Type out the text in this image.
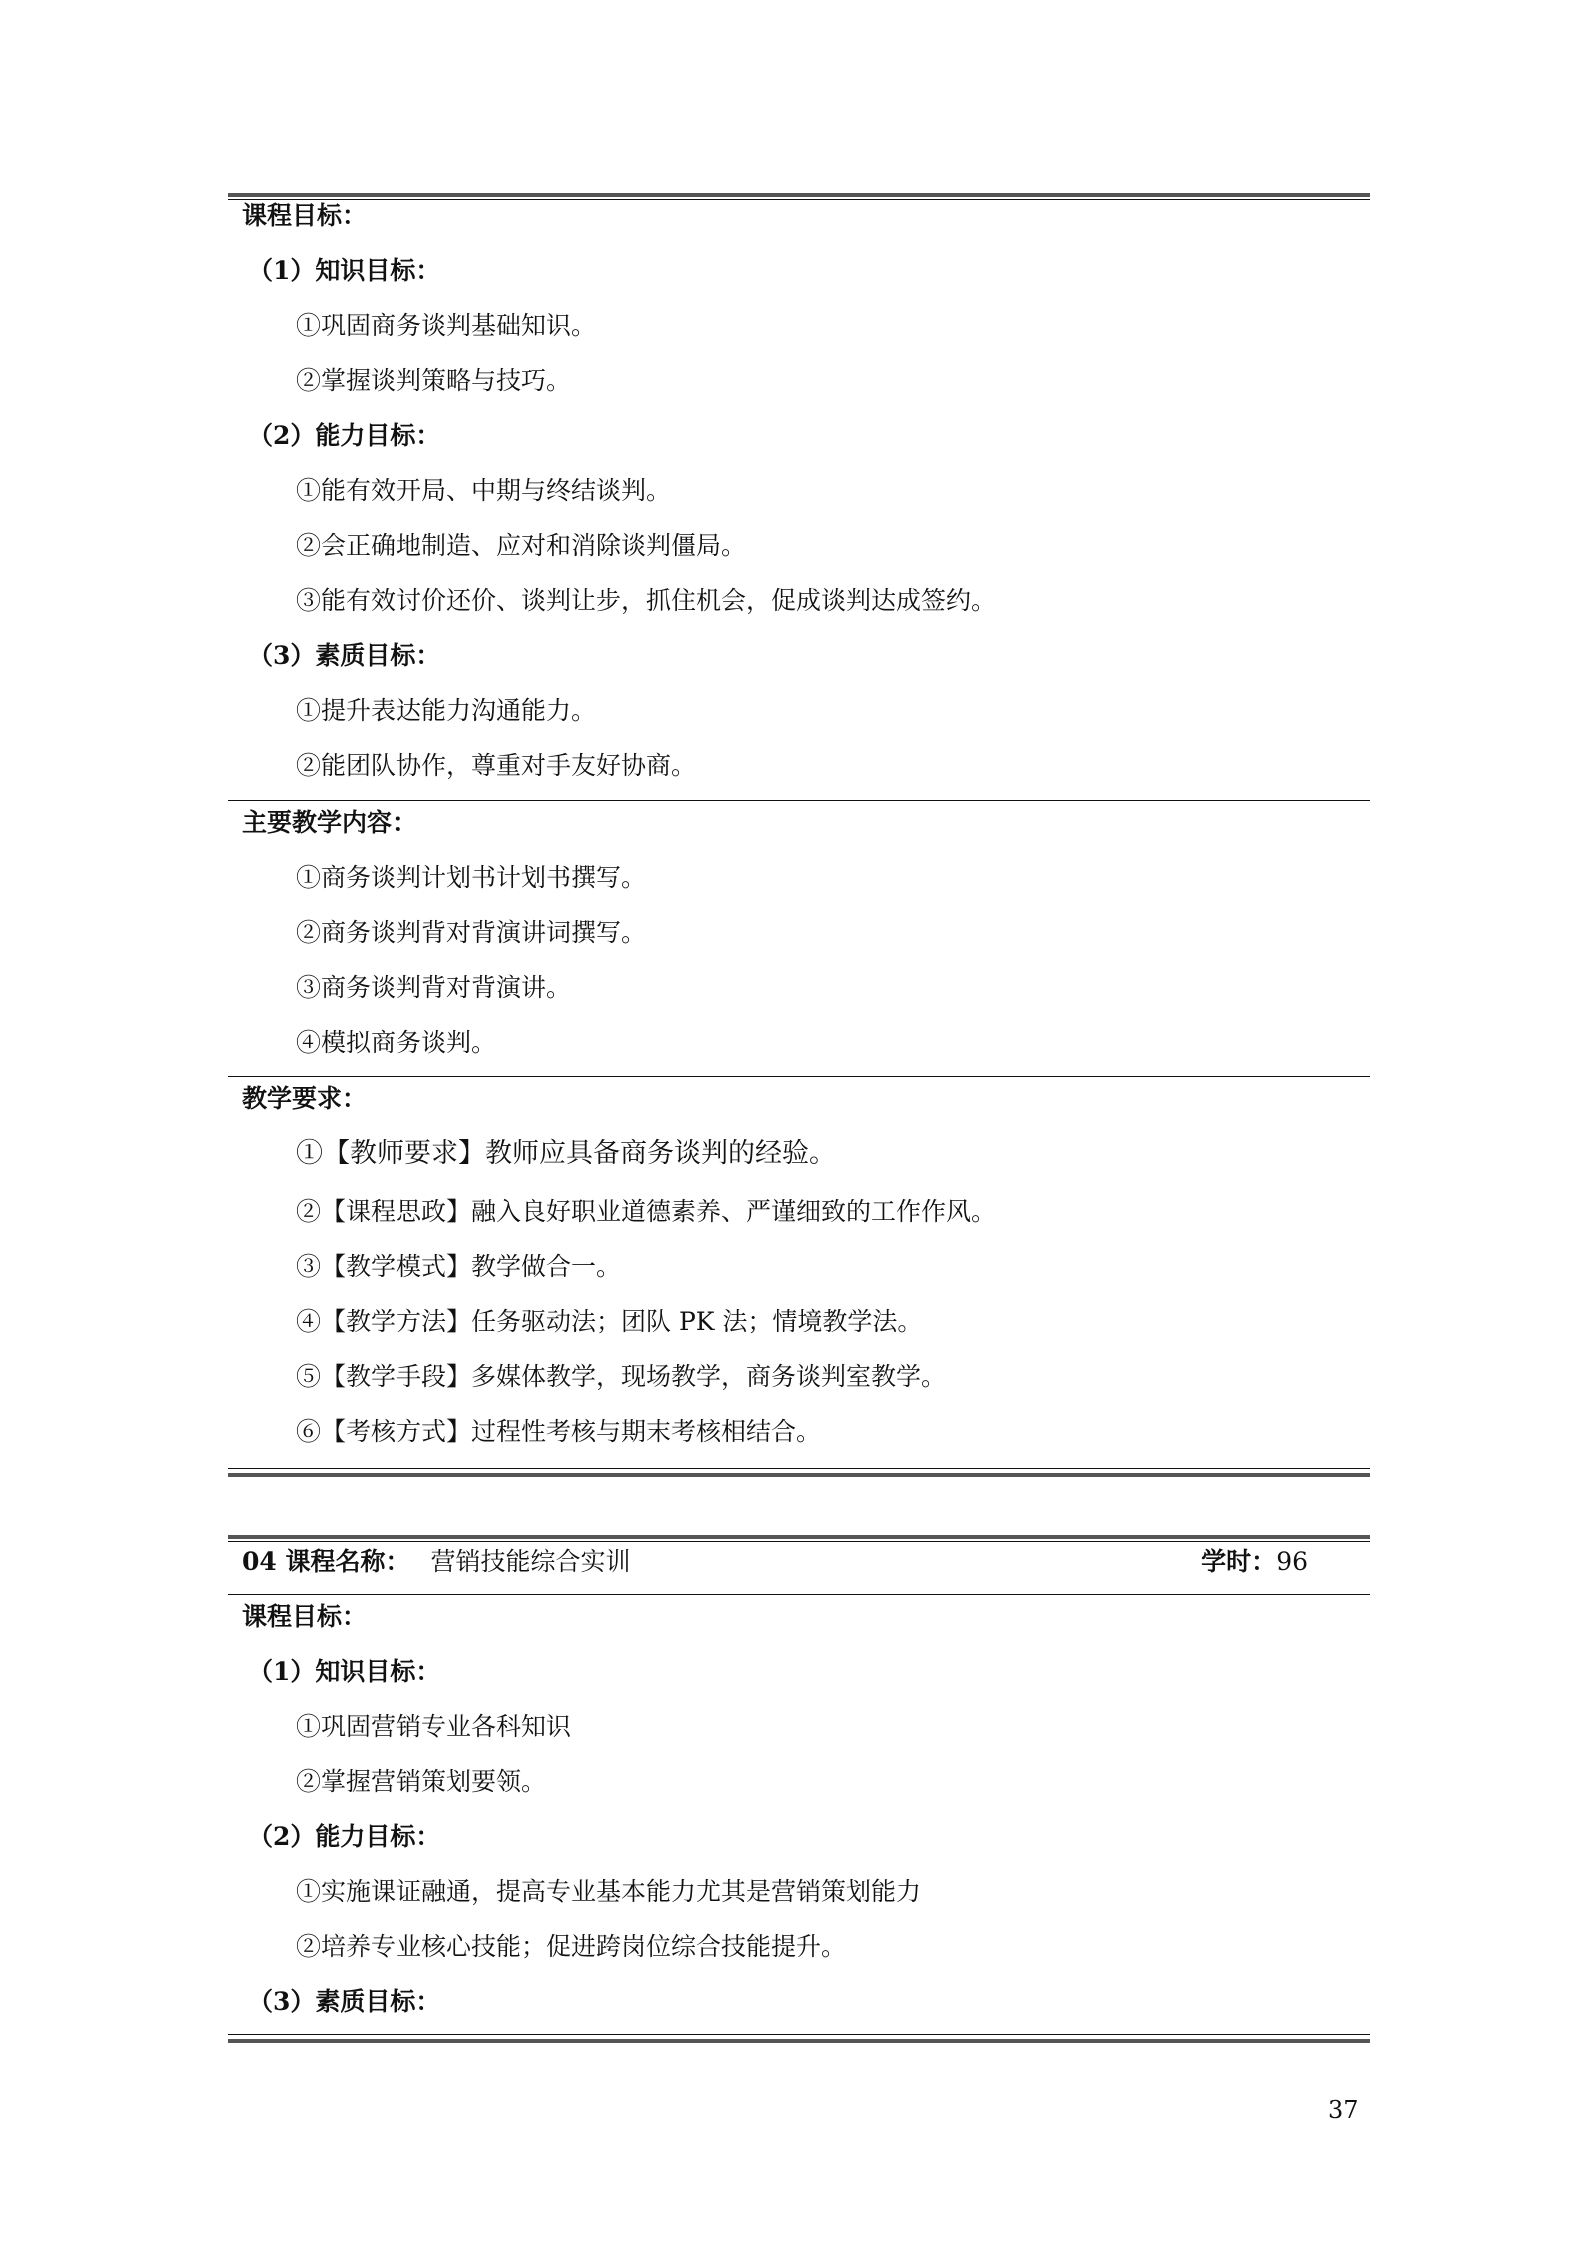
课程目标：
（1）知识目标：
①巩固商务谈判基础知识。
②掌握谈判策略与技巧。
（2）能力目标：
①能有效开局、中期与终结谈判。
②会正确地制造、应对和消除谈判僵局。
③能有效讨价还价、谈判让步，抓住机会，促成谈判达成签约。
（3）素质目标：
①提升表达能力沟通能力。
②能团队协作，尊重对手友好协商。
主要教学内容：
①商务谈判计划书计划书撰写。
②商务谈判背对背演讲词撰写。
③商务谈判背对背演讲。
④模拟商务谈判。
教学要求：
①【教师要求】教师应具备商务谈判的经验。
②【课程思政】融入良好职业道德素养、严谨细致的工作作风。
③【教学模式】教学做合一。
④【教学方法】任务驱动法；团队 PK 法；情境教学法。
⑤【教学手段】多媒体教学，现场教学，商务谈判室教学。
⑥【考核方式】过程性考核与期末考核相结合。
04 课程名称： 营销技能综合实训	学时：96
课程目标：
（1）知识目标：
①巩固营销专业各科知识
②掌握营销策划要领。
（2）能力目标：
①实施课证融通，提高专业基本能力尤其是营销策划能力
②培养专业核心技能；促进跨岗位综合技能提升。
（3）素质目标：
37
